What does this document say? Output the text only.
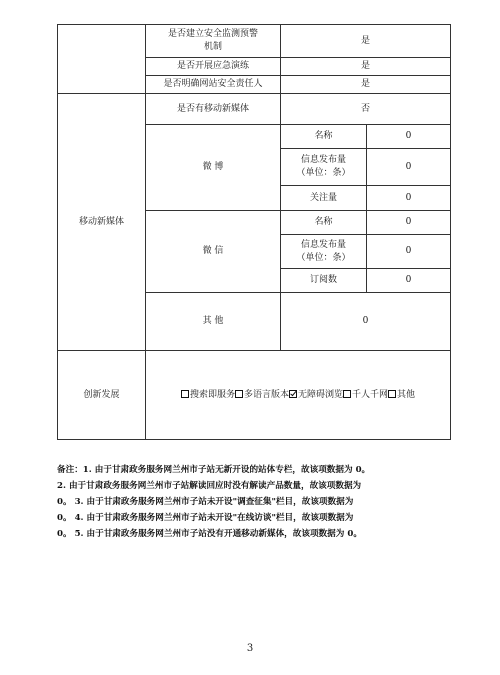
	是否建立安全监测预警
机制	是	
	是否开展应急演练	是	
	是否明确网站安全责任人	是	
移动新媒体	是否有移动新媒体	否	
	微 博	名称	0

		信息发布量
（单位：条）	0
		关注量	0
	微 信	名称	0

		信息发布量
（单位：条）	0
		订阅数	0
	其 他	0	
创新发展	搜索即服务 多语言版本 无障碍浏览 千人千网 其他		
备注：1. 由于甘肃政务服务网兰州市子站无新开设的站体专栏，故该项数据为 0。
2. 由于甘肃政务服务网兰州市子站解读回应时没有解读产品数量，故该项数据为
0。 3. 由于甘肃政务服务网兰州市子站未开设"调查征集"栏目，故该项数据为
0。 4. 由于甘肃政务服务网兰州市子站未开设"在线访谈"栏目，故该项数据为
0。 5. 由于甘肃政务服务网兰州市子站没有开通移动新媒体，故该项数据为 0。
3
